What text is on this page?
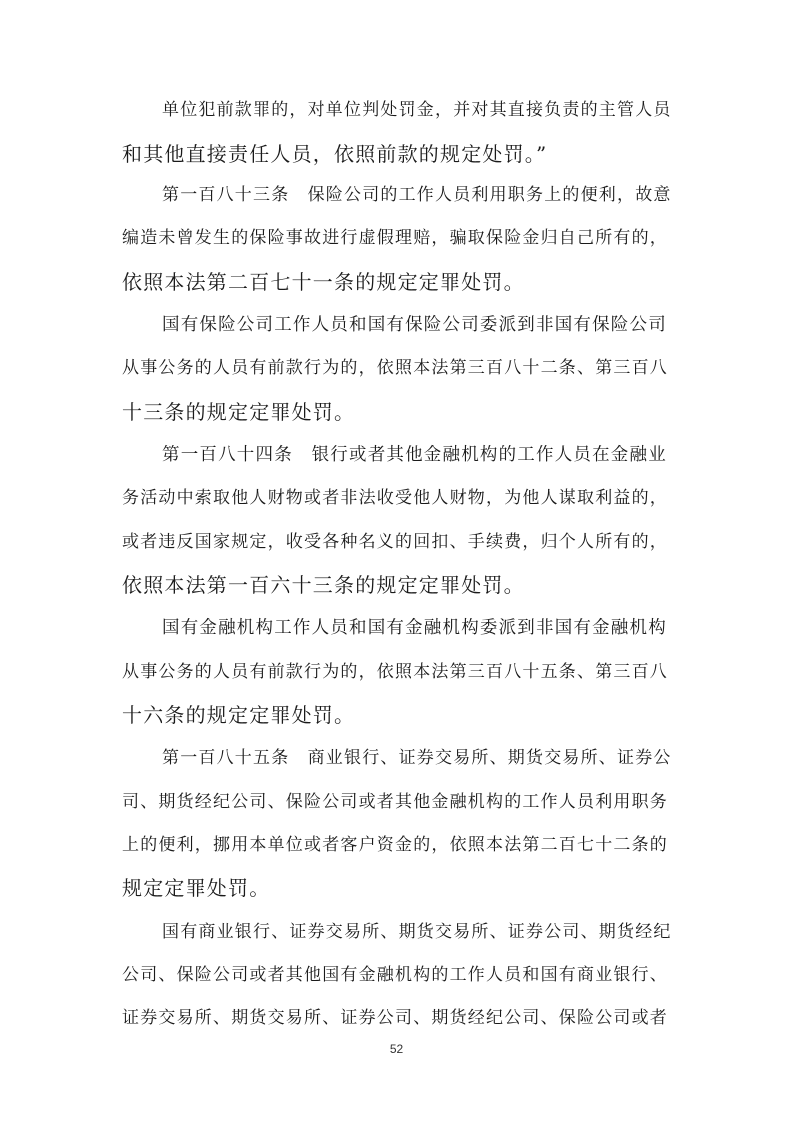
单位犯前款罪的，对单位判处罚金，并对其直接负责的主管人员
和其他直接责任人员，依照前款的规定处罚。”
第一百八十三条　保险公司的工作人员利用职务上的便利，故意
编造未曾发生的保险事故进行虚假理赔，骗取保险金归自己所有的，
依照本法第二百七十一条的规定定罪处罚。
国有保险公司工作人员和国有保险公司委派到非国有保险公司
从事公务的人员有前款行为的，依照本法第三百八十二条、第三百八
十三条的规定定罪处罚。
第一百八十四条　银行或者其他金融机构的工作人员在金融业
务活动中索取他人财物或者非法收受他人财物，为他人谋取利益的，
或者违反国家规定，收受各种名义的回扣、手续费，归个人所有的，
依照本法第一百六十三条的规定定罪处罚。
国有金融机构工作人员和国有金融机构委派到非国有金融机构
从事公务的人员有前款行为的，依照本法第三百八十五条、第三百八
十六条的规定定罪处罚。
第一百八十五条　商业银行、证券交易所、期货交易所、证券公
司、期货经纪公司、保险公司或者其他金融机构的工作人员利用职务
上的便利，挪用本单位或者客户资金的，依照本法第二百七十二条的
规定定罪处罚。
国有商业银行、证券交易所、期货交易所、证券公司、期货经纪
公司、保险公司或者其他国有金融机构的工作人员和国有商业银行、
证券交易所、期货交易所、证券公司、期货经纪公司、保险公司或者
52
